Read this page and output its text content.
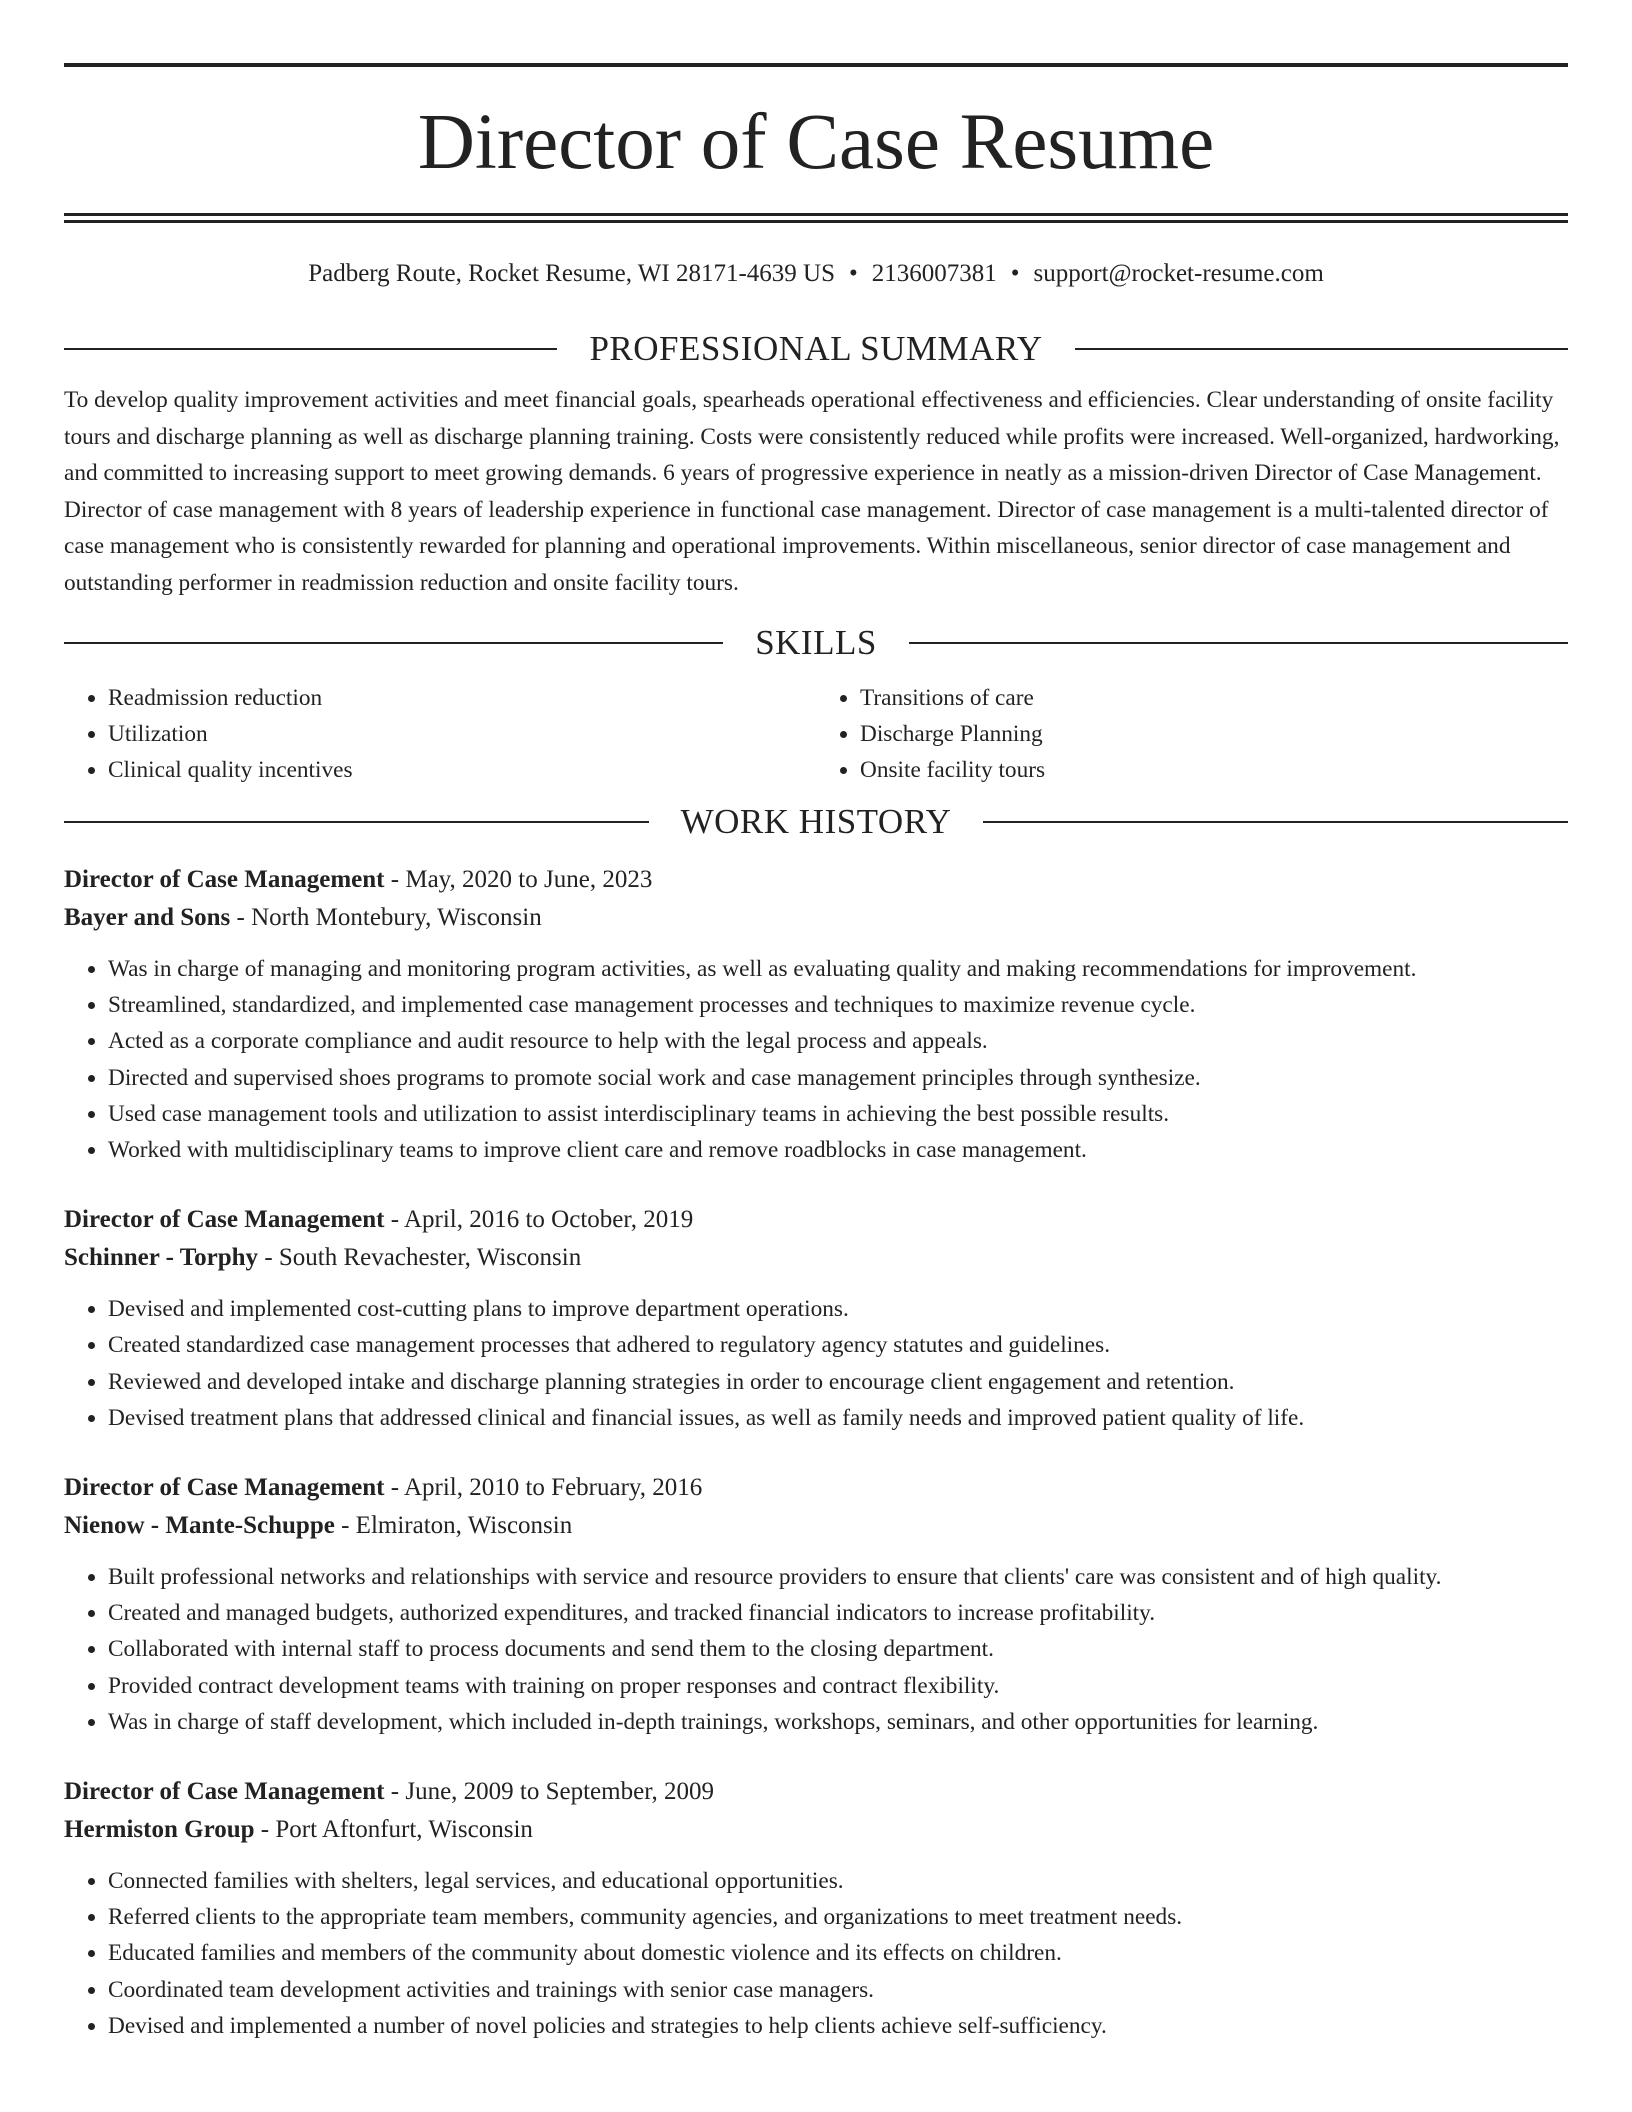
Director of Case Resume
Padberg Route, Rocket Resume, WI 28171-4639 US • 2136007381 • support@rocket-resume.com
PROFESSIONAL SUMMARY
To develop quality improvement activities and meet financial goals, spearheads operational effectiveness and efficiencies. Clear understanding of onsite facility tours and discharge planning as well as discharge planning training. Costs were consistently reduced while profits were increased. Well-organized, hardworking, and committed to increasing support to meet growing demands. 6 years of progressive experience in neatly as a mission-driven Director of Case Management. Director of case management with 8 years of leadership experience in functional case management. Director of case management is a multi-talented director of case management who is consistently rewarded for planning and operational improvements. Within miscellaneous, senior director of case management and outstanding performer in readmission reduction and onsite facility tours.
SKILLS
• Readmission reduction
• Utilization
• Clinical quality incentives
• Transitions of care
• Discharge Planning
• Onsite facility tours
WORK HISTORY
Director of Case Management - May, 2020 to June, 2023
Bayer and Sons - North Montebury, Wisconsin
• Was in charge of managing and monitoring program activities, as well as evaluating quality and making recommendations for improvement.
• Streamlined, standardized, and implemented case management processes and techniques to maximize revenue cycle.
• Acted as a corporate compliance and audit resource to help with the legal process and appeals.
• Directed and supervised shoes programs to promote social work and case management principles through synthesize.
• Used case management tools and utilization to assist interdisciplinary teams in achieving the best possible results.
• Worked with multidisciplinary teams to improve client care and remove roadblocks in case management.
Director of Case Management - April, 2016 to October, 2019
Schinner - Torphy - South Revachester, Wisconsin
• Devised and implemented cost-cutting plans to improve department operations.
• Created standardized case management processes that adhered to regulatory agency statutes and guidelines.
• Reviewed and developed intake and discharge planning strategies in order to encourage client engagement and retention.
• Devised treatment plans that addressed clinical and financial issues, as well as family needs and improved patient quality of life.
Director of Case Management - April, 2010 to February, 2016
Nienow - Mante-Schuppe - Elmiraton, Wisconsin
• Built professional networks and relationships with service and resource providers to ensure that clients' care was consistent and of high quality.
• Created and managed budgets, authorized expenditures, and tracked financial indicators to increase profitability.
• Collaborated with internal staff to process documents and send them to the closing department.
• Provided contract development teams with training on proper responses and contract flexibility.
• Was in charge of staff development, which included in-depth trainings, workshops, seminars, and other opportunities for learning.
Director of Case Management - June, 2009 to September, 2009
Hermiston Group - Port Aftonfurt, Wisconsin
• Connected families with shelters, legal services, and educational opportunities.
• Referred clients to the appropriate team members, community agencies, and organizations to meet treatment needs.
• Educated families and members of the community about domestic violence and its effects on children.
• Coordinated team development activities and trainings with senior case managers.
• Devised and implemented a number of novel policies and strategies to help clients achieve self-sufficiency.
